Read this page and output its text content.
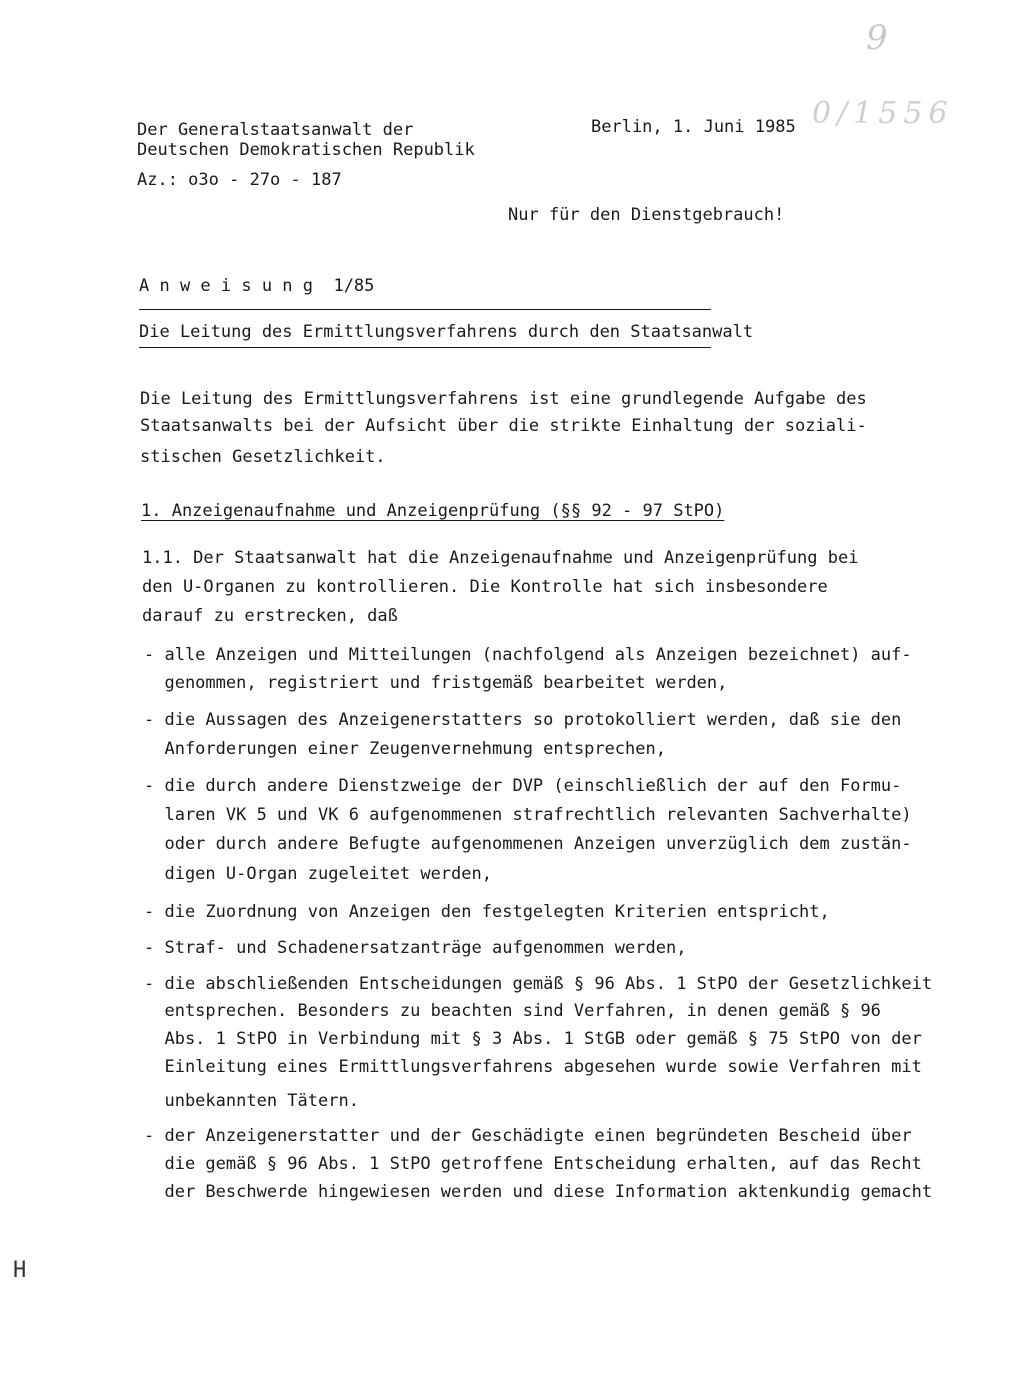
9
0/1556
Der Generalstaatsanwalt der
Deutschen Demokratischen Republik
Az.: o3o - 27o - 187
Berlin, 1. Juni 1985
Nur für den Dienstgebrauch!
A n w e i s u n g  1/85
Die Leitung des Ermittlungsverfahrens durch den Staatsanwalt
Die Leitung des Ermittlungsverfahrens ist eine grundlegende Aufgabe des
Staatsanwalts bei der Aufsicht über die strikte Einhaltung der soziali-
stischen Gesetzlichkeit.
1. Anzeigenaufnahme und Anzeigenprüfung (§§ 92 - 97 StPO)
1.1. Der Staatsanwalt hat die Anzeigenaufnahme und Anzeigenprüfung bei
den U-Organen zu kontrollieren. Die Kontrolle hat sich insbesondere
darauf zu erstrecken, daß
- alle Anzeigen und Mitteilungen (nachfolgend als Anzeigen bezeichnet) auf-
genommen, registriert und fristgemäß bearbeitet werden,
- die Aussagen des Anzeigenerstatters so protokolliert werden, daß sie den
Anforderungen einer Zeugenvernehmung entsprechen,
- die durch andere Dienstzweige der DVP (einschließlich der auf den Formu-
laren VK 5 und VK 6 aufgenommenen strafrechtlich relevanten Sachverhalte)
oder durch andere Befugte aufgenommenen Anzeigen unverzüglich dem zustän-
digen U-Organ zugeleitet werden,
- die Zuordnung von Anzeigen den festgelegten Kriterien entspricht,
- Straf- und Schadenersatzanträge aufgenommen werden,
- die abschließenden Entscheidungen gemäß § 96 Abs. 1 StPO der Gesetzlichkeit
entsprechen. Besonders zu beachten sind Verfahren, in denen gemäß § 96
Abs. 1 StPO in Verbindung mit § 3 Abs. 1 StGB oder gemäß § 75 StPO von der
Einleitung eines Ermittlungsverfahrens abgesehen wurde sowie Verfahren mit
unbekannten Tätern.
- der Anzeigenerstatter und der Geschädigte einen begründeten Bescheid über
die gemäß § 96 Abs. 1 StPO getroffene Entscheidung erhalten, auf das Recht
der Beschwerde hingewiesen werden und diese Information aktenkundig gemacht
H
